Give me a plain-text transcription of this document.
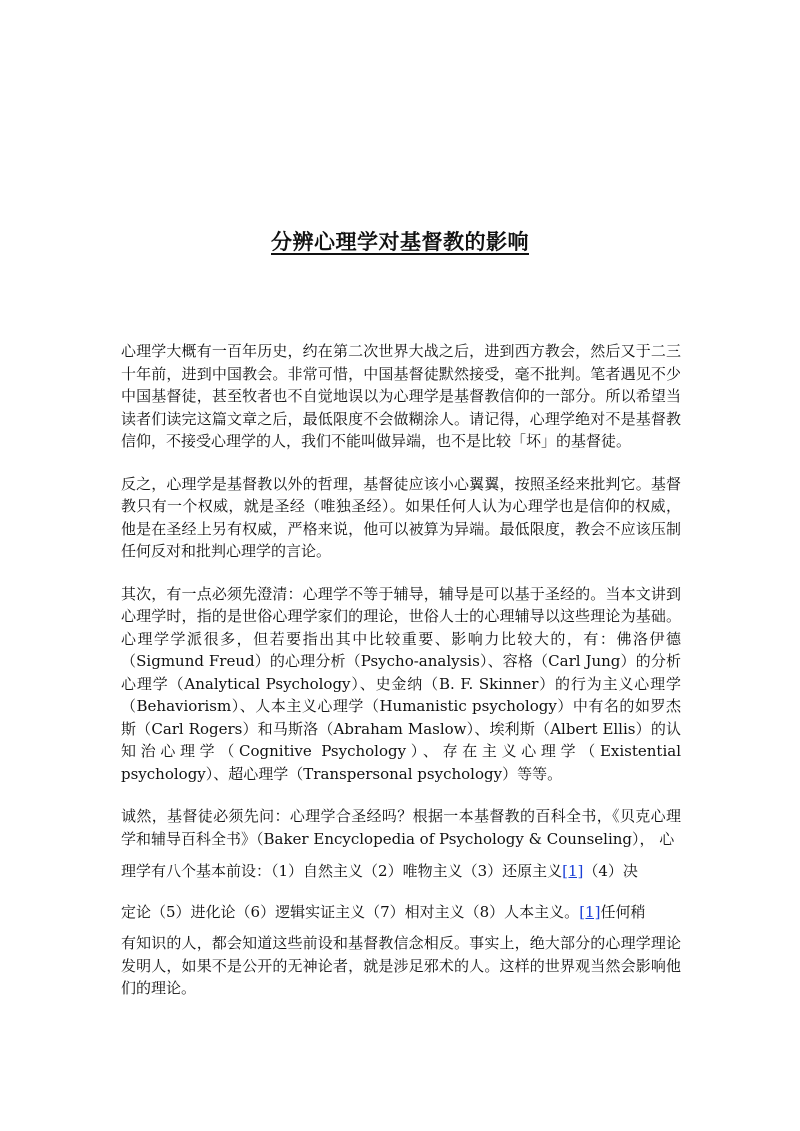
分辨心理学对基督教的影响

心理学大概有一百年历史，约在第二次世界大战之后，进到西方教会，然后又于二三十年前，进到中国教会。非常可惜，中国基督徒默然接受，毫不批判。笔者遇见不少中国基督徒，甚至牧者也不自觉地误以为心理学是基督教信仰的一部分。所以希望当读者们读完这篇文章之后，最低限度不会做糊涂人。请记得，心理学绝对不是基督教信仰，不接受心理学的人，我们不能叫做异端，也不是比较「坏」的基督徒。

反之，心理学是基督教以外的哲理，基督徒应该小心翼翼，按照圣经来批判它。基督教只有一个权威，就是圣经（唯独圣经）。如果任何人认为心理学也是信仰的权威，他是在圣经上另有权威，严格来说，他可以被算为异端。最低限度，教会不应该压制任何反对和批判心理学的言论。

其次，有一点必须先澄清：心理学不等于辅导，辅导是可以基于圣经的。当本文讲到心理学时，指的是世俗心理学家们的理论，世俗人士的心理辅导以这些理论为基础。心理学学派很多，但若要指出其中比较重要、影响力比较大的，有：佛洛伊德（Sigmund Freud）的心理分析（Psycho-analysis）、容格（Carl Jung）的分析心理学（Analytical Psychology）、史金纳（B. F. Skinner）的行为主义心理学（Behaviorism）、人本主义心理学（Humanistic psychology）中有名的如罗杰斯（Carl Rogers）和马斯洛（Abraham Maslow）、埃利斯（Albert Ellis）的认知治心理学（Cognitive Psychology）、存在主义心理学（Existential psychology）、超心理学（Transpersonal psychology）等等。

诚然，基督徒必须先问：心理学合圣经吗？根据一本基督教的百科全书，《贝克心理学和辅导百科全书》（Baker Encyclopedia of Psychology & Counseling）， 心
理学有八个基本前设：（1）自然主义（2）唯物主义（3）还原主义[1]（4）决
定论（5）进化论（6）逻辑实证主义（7）相对主义（8）人本主义。[1]任何稍
有知识的人，都会知道这些前设和基督教信念相反。事实上，绝大部分的心理学理论发明人，如果不是公开的无神论者，就是涉足邪术的人。这样的世界观当然会影响他们的理论。
